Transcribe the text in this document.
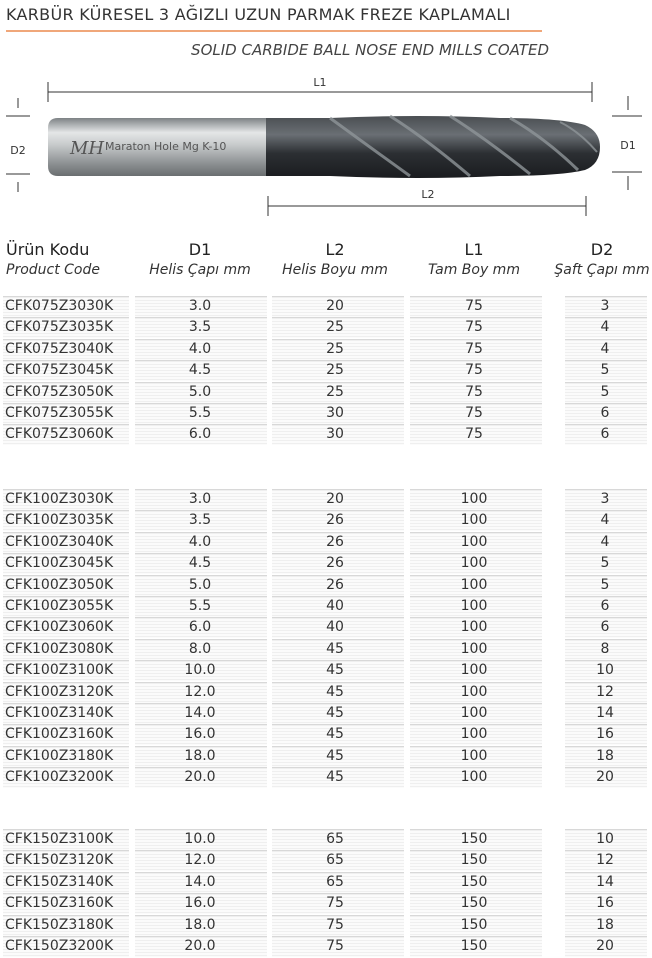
KARBÜR KÜRESEL 3 AĞIZLI UZUN PARMAK FREZE KAPLAMALI
SOLID CARBIDE BALL NOSE END MILLS COATED
L1
D2	D1
MH Maraton Hole Mg K-10
L2
Ürün Kodu
Product Code
D1
Helis Çapı mm
L2
Helis Boyu mm
L1
Tam Boy mm
D2
Şaft Çapı mm
CFK075Z3030K	3.0	20	75	3
CFK075Z3035K	3.5	25	75	4
CFK075Z3040K	4.0	25	75	4
CFK075Z3045K	4.5	25	75	5
CFK075Z3050K	5.0	25	75	5
CFK075Z3055K	5.5	30	75	6
CFK075Z3060K	6.0	30	75	6
CFK100Z3030K	3.0	20	100	3
CFK100Z3035K	3.5	26	100	4
CFK100Z3040K	4.0	26	100	4
CFK100Z3045K	4.5	26	100	5
CFK100Z3050K	5.0	26	100	5
CFK100Z3055K	5.5	40	100	6
CFK100Z3060K	6.0	40	100	6
CFK100Z3080K	8.0	45	100	8
CFK100Z3100K	10.0	45	100	10
CFK100Z3120K	12.0	45	100	12
CFK100Z3140K	14.0	45	100	14
CFK100Z3160K	16.0	45	100	16
CFK100Z3180K	18.0	45	100	18
CFK100Z3200K	20.0	45	100	20
CFK150Z3100K	10.0	65	150	10
CFK150Z3120K	12.0	65	150	12
CFK150Z3140K	14.0	65	150	14
CFK150Z3160K	16.0	75	150	16
CFK150Z3180K	18.0	75	150	18
CFK150Z3200K	20.0	75	150	20
